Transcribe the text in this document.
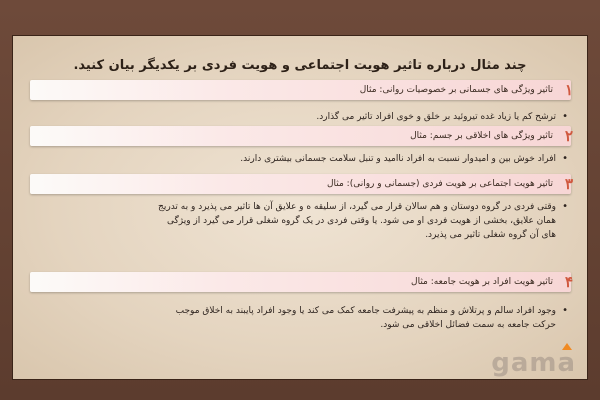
چند مثال درباره تاثیر هویت اجتماعی و هویت فردی بر یکدیگر بیان کنید.
۱
تاثیر ویژگی های جسمانی بر خصوصیات روانی: مثال
•
ترشح کم یا زیاد غده تیروئید بر خلق و خوی افراد تاثیر می گذارد.
۲
تاثیر ویژگی های اخلاقی بر جسم: مثال
•
افراد خوش بین و امیدوار نسبت به افراد ناامید و تنبل سلامت جسمانی بیشتری دارند.
۳
تاثیر هویت اجتماعی بر هویت فردی (جسمانی و روانی): مثال
•
وقتی فردی در گروه دوستان و هم سالان قرار می گیرد، از سلیقه ه و علایق آن ها تاثیر می پذیرد و به تدریج
همان علایق، بخشی از هویت فردی او می شود. یا وقتی فردی در یک گروه شغلی قرار می گیرد از ویژگی
های آن گروه شغلی تاثیر می پذیرد.
۴
تاثیر هویت افراد بر هویت جامعه: مثال
•
وجود افراد سالم و پرتلاش و منظم به پیشرفت جامعه کمک می کند یا وجود افراد پایبند به اخلاق موجب
حرکت جامعه به سمت فضائل اخلاقی می شود.
gama
